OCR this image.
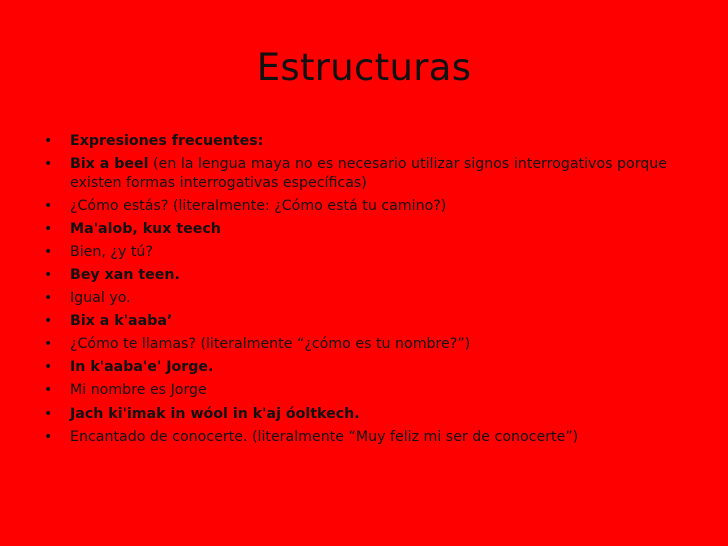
Estructuras
• Expresiones frecuentes:
• Bix a beel (en la lengua maya no es necesario utilizar signos interrogativos porque existen formas interrogativas específicas)
• ¿Cómo estás? (literalmente: ¿Cómo está tu camino?)
• Ma'alob, kux teech
• Bien, ¿y tú?
• Bey xan teen.
• Igual yo.
• Bix a k'aaba’
• ¿Cómo te llamas? (literalmente “¿cómo es tu nombre?”)
• In k'aaba'e' Jorge.
• Mi nombre es Jorge
• Jach ki'imak in wóol in k'aj óoltkech.
• Encantado de conocerte. (literalmente “Muy feliz mi ser de conocerte”)
